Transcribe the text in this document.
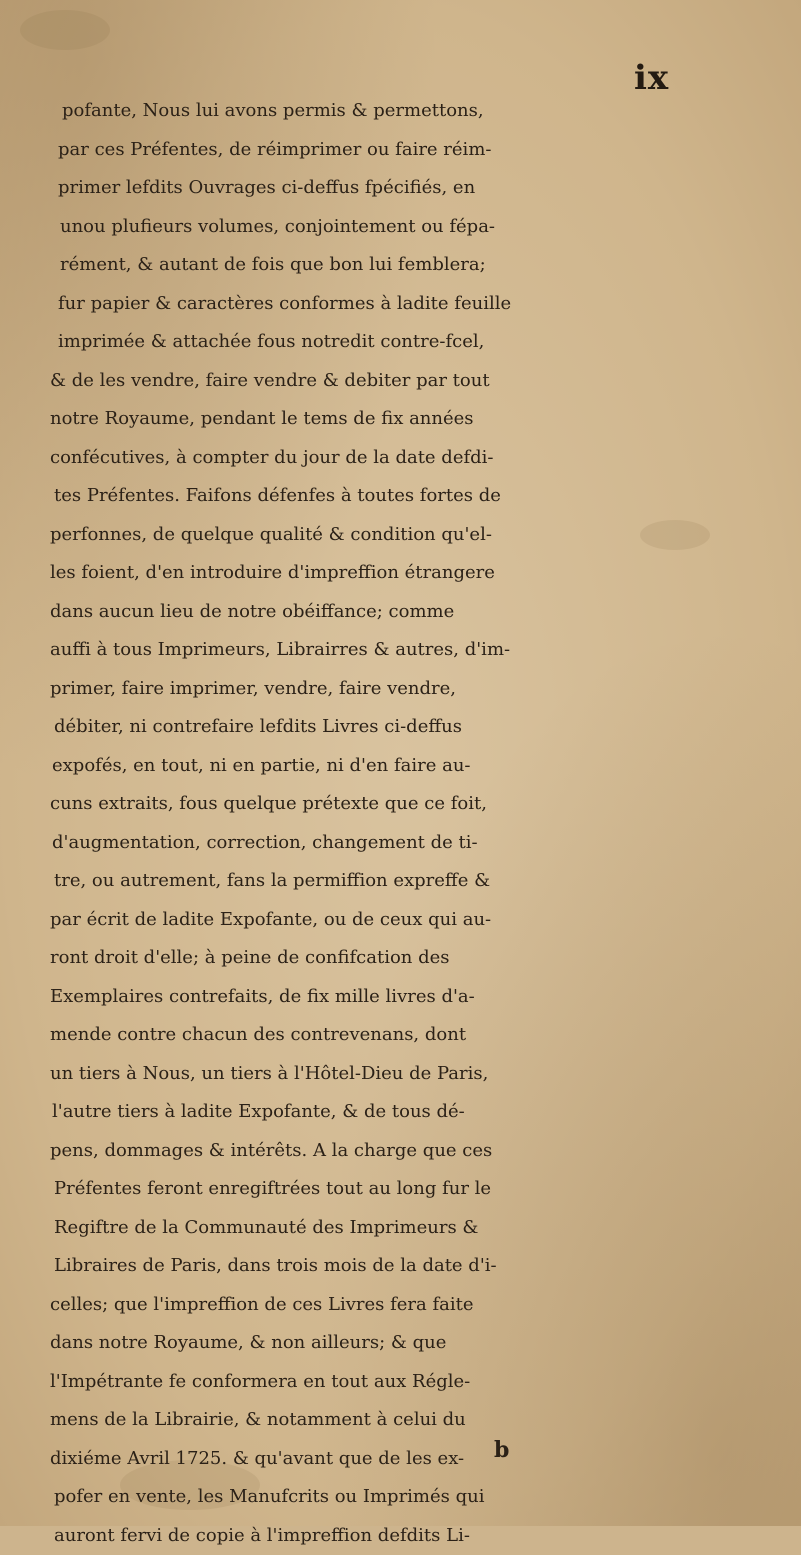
ix
pofante, Nous lui avons permis & permettons,
par ces Préfentes, de réimprimer ou faire réim-
primer lefdits Ouvrages ci-deffus fpécifiés, en
unou plufieurs volumes, conjointement ou fépa-
rément, & autant de fois que bon lui femblera;
fur papier & caractères conformes à ladite feuille
imprimée & attachée fous notredit contre-fcel,
& de les vendre, faire vendre & debiter par tout
notre Royaume, pendant le tems de fix années
confécutives, à compter du jour de la date defdi-
tes Préfentes. Faifons défenfes à toutes fortes de
perfonnes, de quelque qualité & condition qu'el-
les foient, d'en introduire d'impreffion étrangere
dans aucun lieu de notre obéiffance; comme
auffi à tous Imprimeurs, Librairres & autres, d'im-
primer, faire imprimer, vendre, faire vendre,
débiter, ni contrefaire lefdits Livres ci-deffus
expofés, en tout, ni en partie, ni d'en faire au-
cuns extraits, fous quelque prétexte que ce foit,
d'augmentation, correction, changement de ti-
tre, ou autrement, fans la permiffion expreffe &
par écrit de ladite Expofante, ou de ceux qui au-
ront droit d'elle; à peine de confifcation des
Exemplaires contrefaits, de fix mille livres d'a-
mende contre chacun des contrevenans, dont
un tiers à Nous, un tiers à l'Hôtel-Dieu de Paris,
l'autre tiers à ladite Expofante, & de tous dé-
pens, dommages & intérêts. A la charge que ces
Préfentes feront enregiftrées tout au long fur le
Regiftre de la Communauté des Imprimeurs &
Libraires de Paris, dans trois mois de la date d'i-
celles; que l'impreffion de ces Livres fera faite
dans notre Royaume, & non ailleurs; & que
l'Impétrante fe conformera en tout aux Régle-
mens de la Librairie, & notamment à celui du
dixiéme Avril 1725. & qu'avant que de les ex-
pofer en vente, les Manufcrits ou Imprimés qui
auront fervi de copie à l'impreffion defdits Li-
b
